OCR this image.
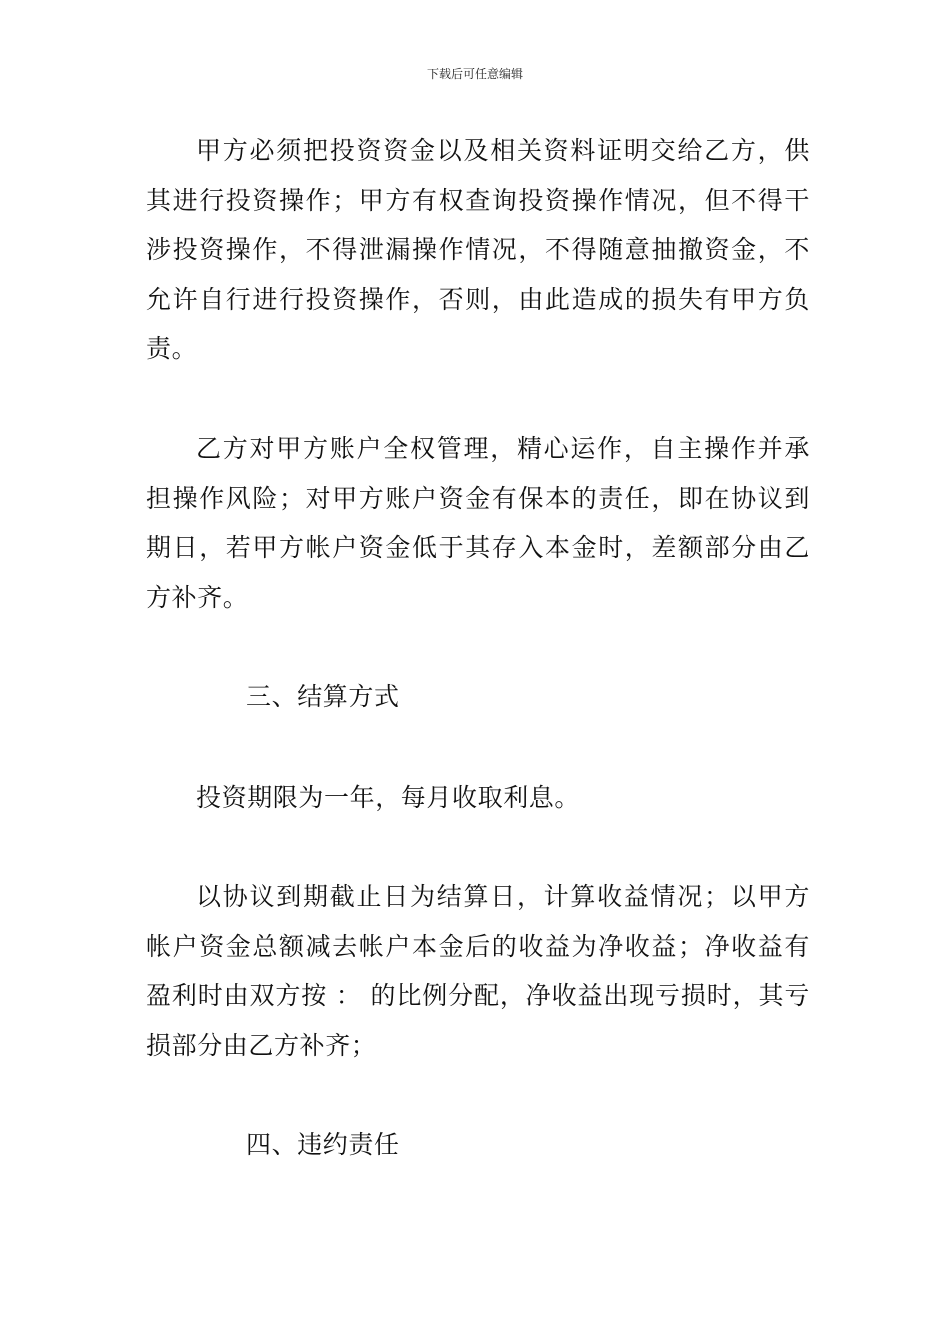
下载后可任意编辑

甲方必须把投资资金以及相关资料证明交给乙方，供其进行投资操作；甲方有权查询投资操作情况，但不得干涉投资操作，不得泄漏操作情况，不得随意抽撤资金，不允许自行进行投资操作，否则，由此造成的损失有甲方负责。

乙方对甲方账户全权管理，精心运作，自主操作并承担操作风险；对甲方账户资金有保本的责任，即在协议到期日，若甲方帐户资金低于其存入本金时，差额部分由乙方补齐。

三、结算方式

投资期限为一年，每月收取利息。

以协议到期截止日为结算日，计算收益情况；以甲方帐户资金总额减去帐户本金后的收益为净收益；净收益有盈利时由双方按 ： 的比例分配，净收益出现亏损时，其亏损部分由乙方补齐；

四、违约责任
